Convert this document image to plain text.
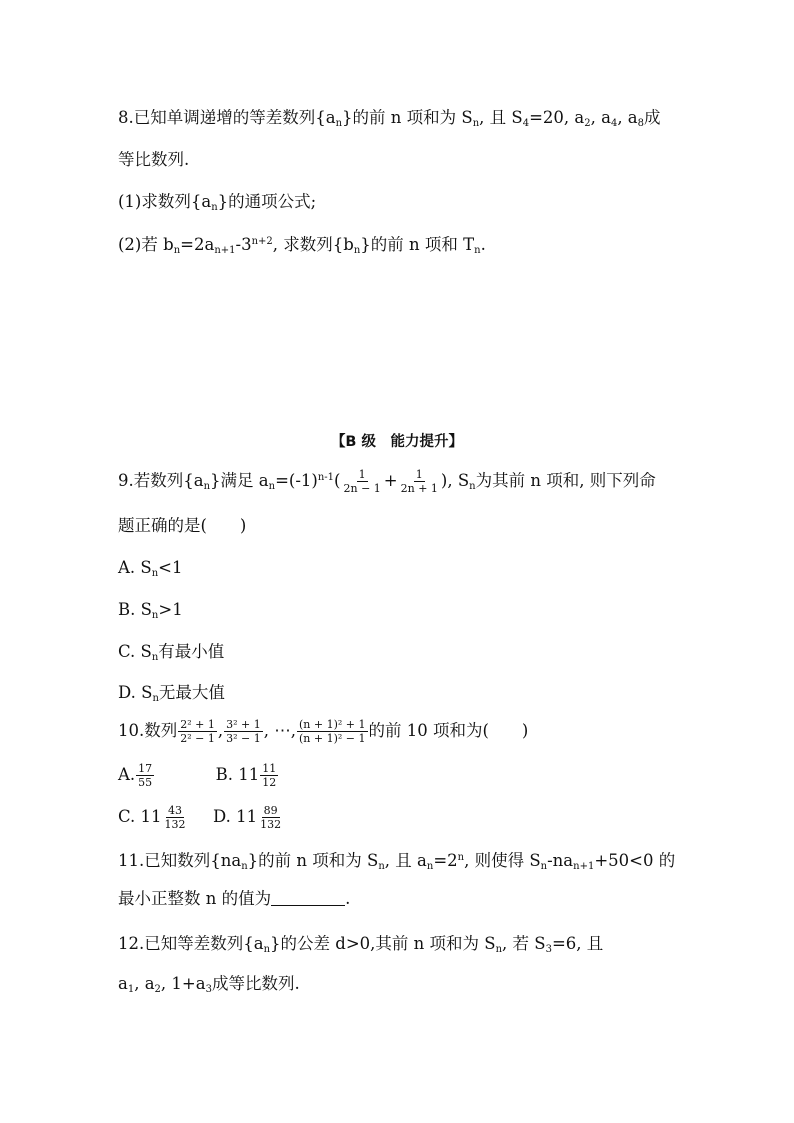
8.已知单调递增的等差数列$\{a_n\}$的前 n 项和为 $S_n$, 且 $S_4=20$, $a_2$, $a_4$, $a_8$成
等比数列.
(1)求数列$\{a_n\}$的通项公式;
(2)若 $b_n=2a_{n+1}-3^{n+2}$, 求数列$\{b_n\}$的前 n 项和 $T_n$.
【B 级　能力提升】
9.若数列$\{a_n\}$满足 $a_n=(-1)^{n-1}( \frac{1}{2n - 1} + \frac{1}{2n + 1}$ ), $S_n$为其前 n 项和, 则下列命
题正确的是(　　)
A. $S_n<1$
B. $S_n>1$
C. $S_n$有最小值
D. $S_n$无最大值
10.数列 $\frac{\text{2² + 1}}{\text{2² − 1}}$ , $\frac{\text{3² + 1}}{\text{3² − 1}}$ , ⋯, $\frac{\text{(n + 1)² + 1}}{\text{(n + 1)² − 1}}$ 的前 10 项和为(　　)
A. $\frac{17}{55}$	B. $11 \frac{11}{12}$
C. $11 \frac{43}{132} D$. $11 \frac{89}{132}$
11.已知数列$\{na_n\}$的前 n 项和为 $S_n$, 且 $a_n=2^n$, 则使得 $S_n-na_{n+1}+50<0$ 的
最小正整数 n 的值为	.
12.已知等差数列$\{a_n\}$的公差 d>0,其前 n 项和为 $S_n$, 若 $S_3=6$, 且
$a_1$, $a_2$, $1+a_3$成等比数列.
